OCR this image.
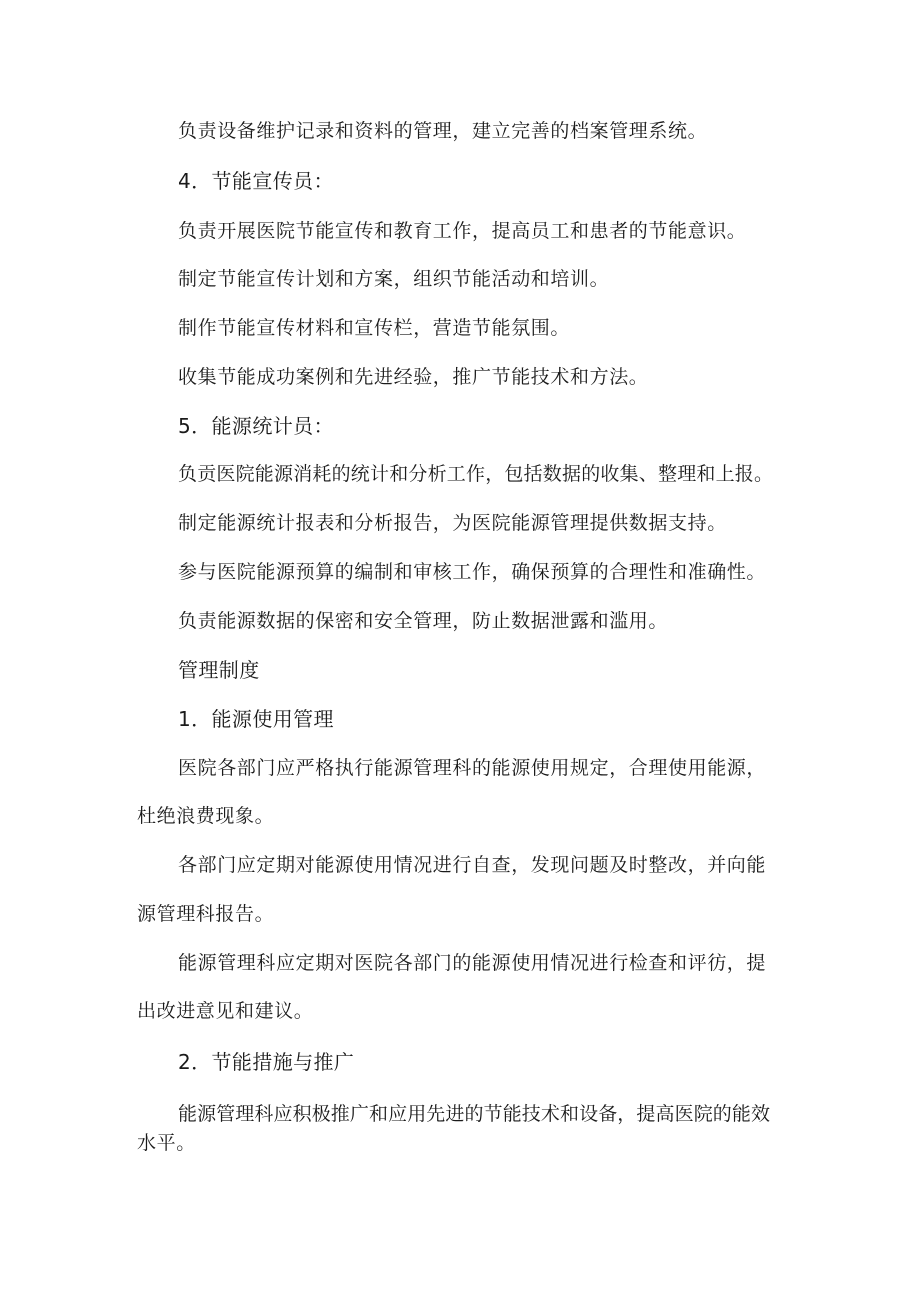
负责设备维护记录和资料的管理，建立完善的档案管理系统。
4．节能宣传员：
负责开展医院节能宣传和教育工作，提高员工和患者的节能意识。
制定节能宣传计划和方案，组织节能活动和培训。
制作节能宣传材料和宣传栏，营造节能氛围。
收集节能成功案例和先进经验，推广节能技术和方法。
5．能源统计员：
负贡医院能源消耗的统计和分析工作，包括数据的收集、整理和上报。
制定能源统计报表和分析报告，为医院能源管理提供数据支持。
参与医院能源预算的编制和审核工作，确保预算的合理性和准确性。
负责能源数据的保密和安全管理，防止数据泄露和滥用。
管理制度
1．能源使用管理
医院各部门应严格执行能源管理科的能源使用规定，合理使用能源，
杜绝浪费现象。
各部门应定期对能源使用情况进行自查，发现问题及时整改，并向能
源管理科报告。
能源管理科应定期对医院各部门的能源使用情况进行检查和评彷，提
出改进意见和建议。
2．节能措施与推广
能源管理科应积极推广和应用先进的节能技术和设备，提高医院的能效
水平。
